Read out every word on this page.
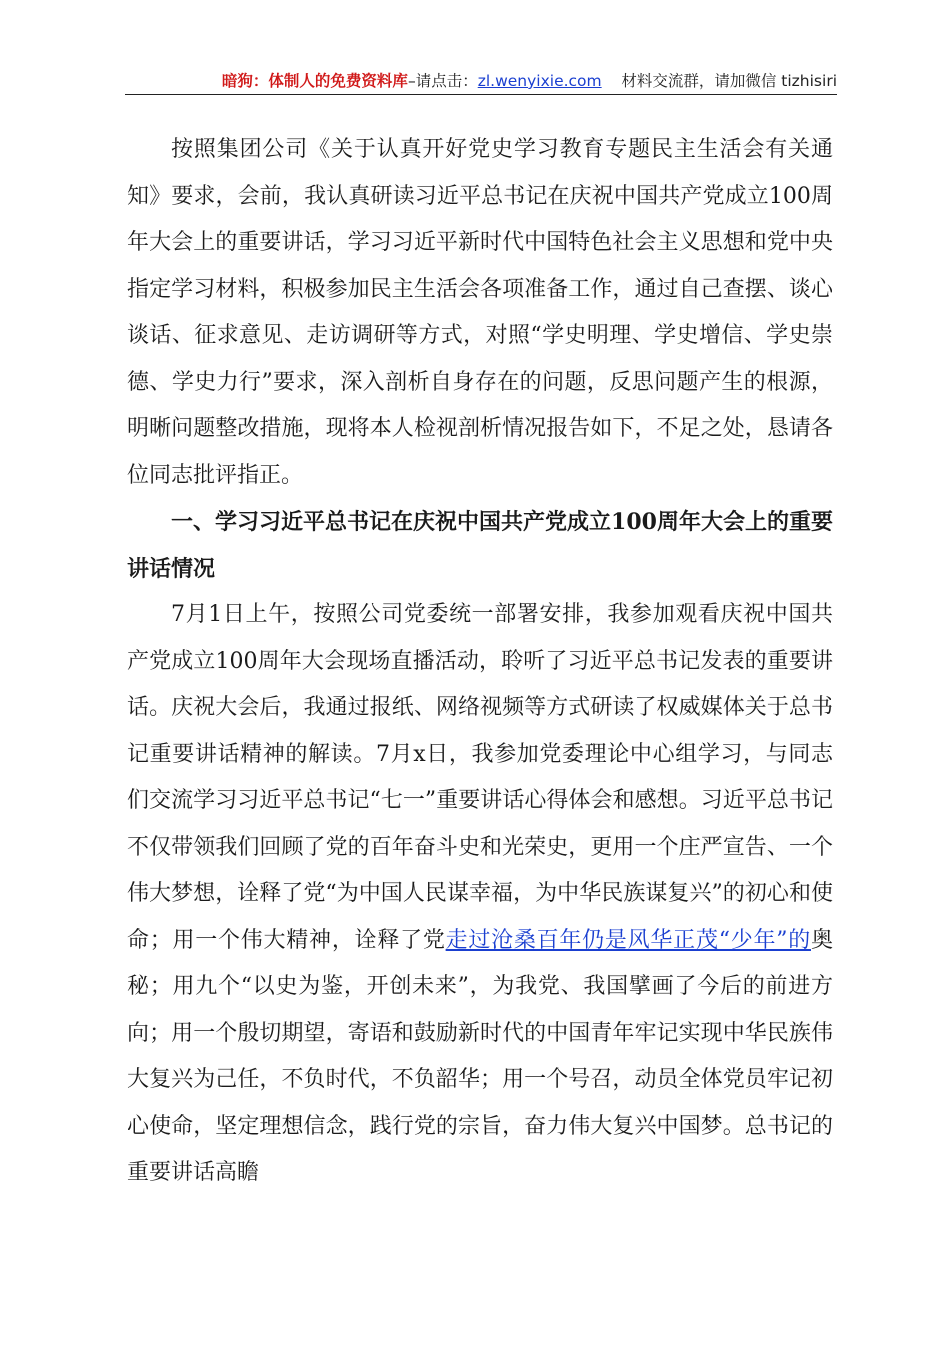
暗狗：体制人的免费资料库–请点击：zl.wenyixie.com 材料交流群，请加微信 tizhisiri

按照集团公司《关于认真开好党史学习教育专题民主生活会有关通知》要求，会前，我认真研读习近平总书记在庆祝中国共产党成立100周年大会上的重要讲话，学习习近平新时代中国特色社会主义思想和党中央指定学习材料，积极参加民主生活会各项准备工作，通过自己查摆、谈心谈话、征求意见、走访调研等方式，对照“学史明理、学史增信、学史崇德、学史力行”要求，深入剖析自身存在的问题，反思问题产生的根源，明晰问题整改措施，现将本人检视剖析情况报告如下，不足之处，恳请各位同志批评指正。

一、学习习近平总书记在庆祝中国共产党成立100周年大会上的重要讲话情况

7月1日上午，按照公司党委统一部署安排，我参加观看庆祝中国共产党成立100周年大会现场直播活动，聆听了习近平总书记发表的重要讲话。庆祝大会后，我通过报纸、网络视频等方式研读了权威媒体关于总书记重要讲话精神的解读。7月x日，我参加党委理论中心组学习，与同志们交流学习习近平总书记“七一”重要讲话心得体会和感想。习近平总书记不仅带领我们回顾了党的百年奋斗史和光荣史，更用一个庄严宣告、一个伟大梦想，诠释了党“为中国人民谋幸福，为中华民族谋复兴”的初心和使命；用一个伟大精神，诠释了党走过沧桑百年仍是风华正茂“少年”的奥秘；用九个“以史为鉴，开创未来”，为我党、我国擘画了今后的前进方向；用一个殷切期望，寄语和鼓励新时代的中国青年牢记实现中华民族伟大复兴为己任，不负时代，不负韶华；用一个号召，动员全体党员牢记初心使命，坚定理想信念，践行党的宗旨，奋力伟大复兴中国梦。总书记的重要讲话高瞻
